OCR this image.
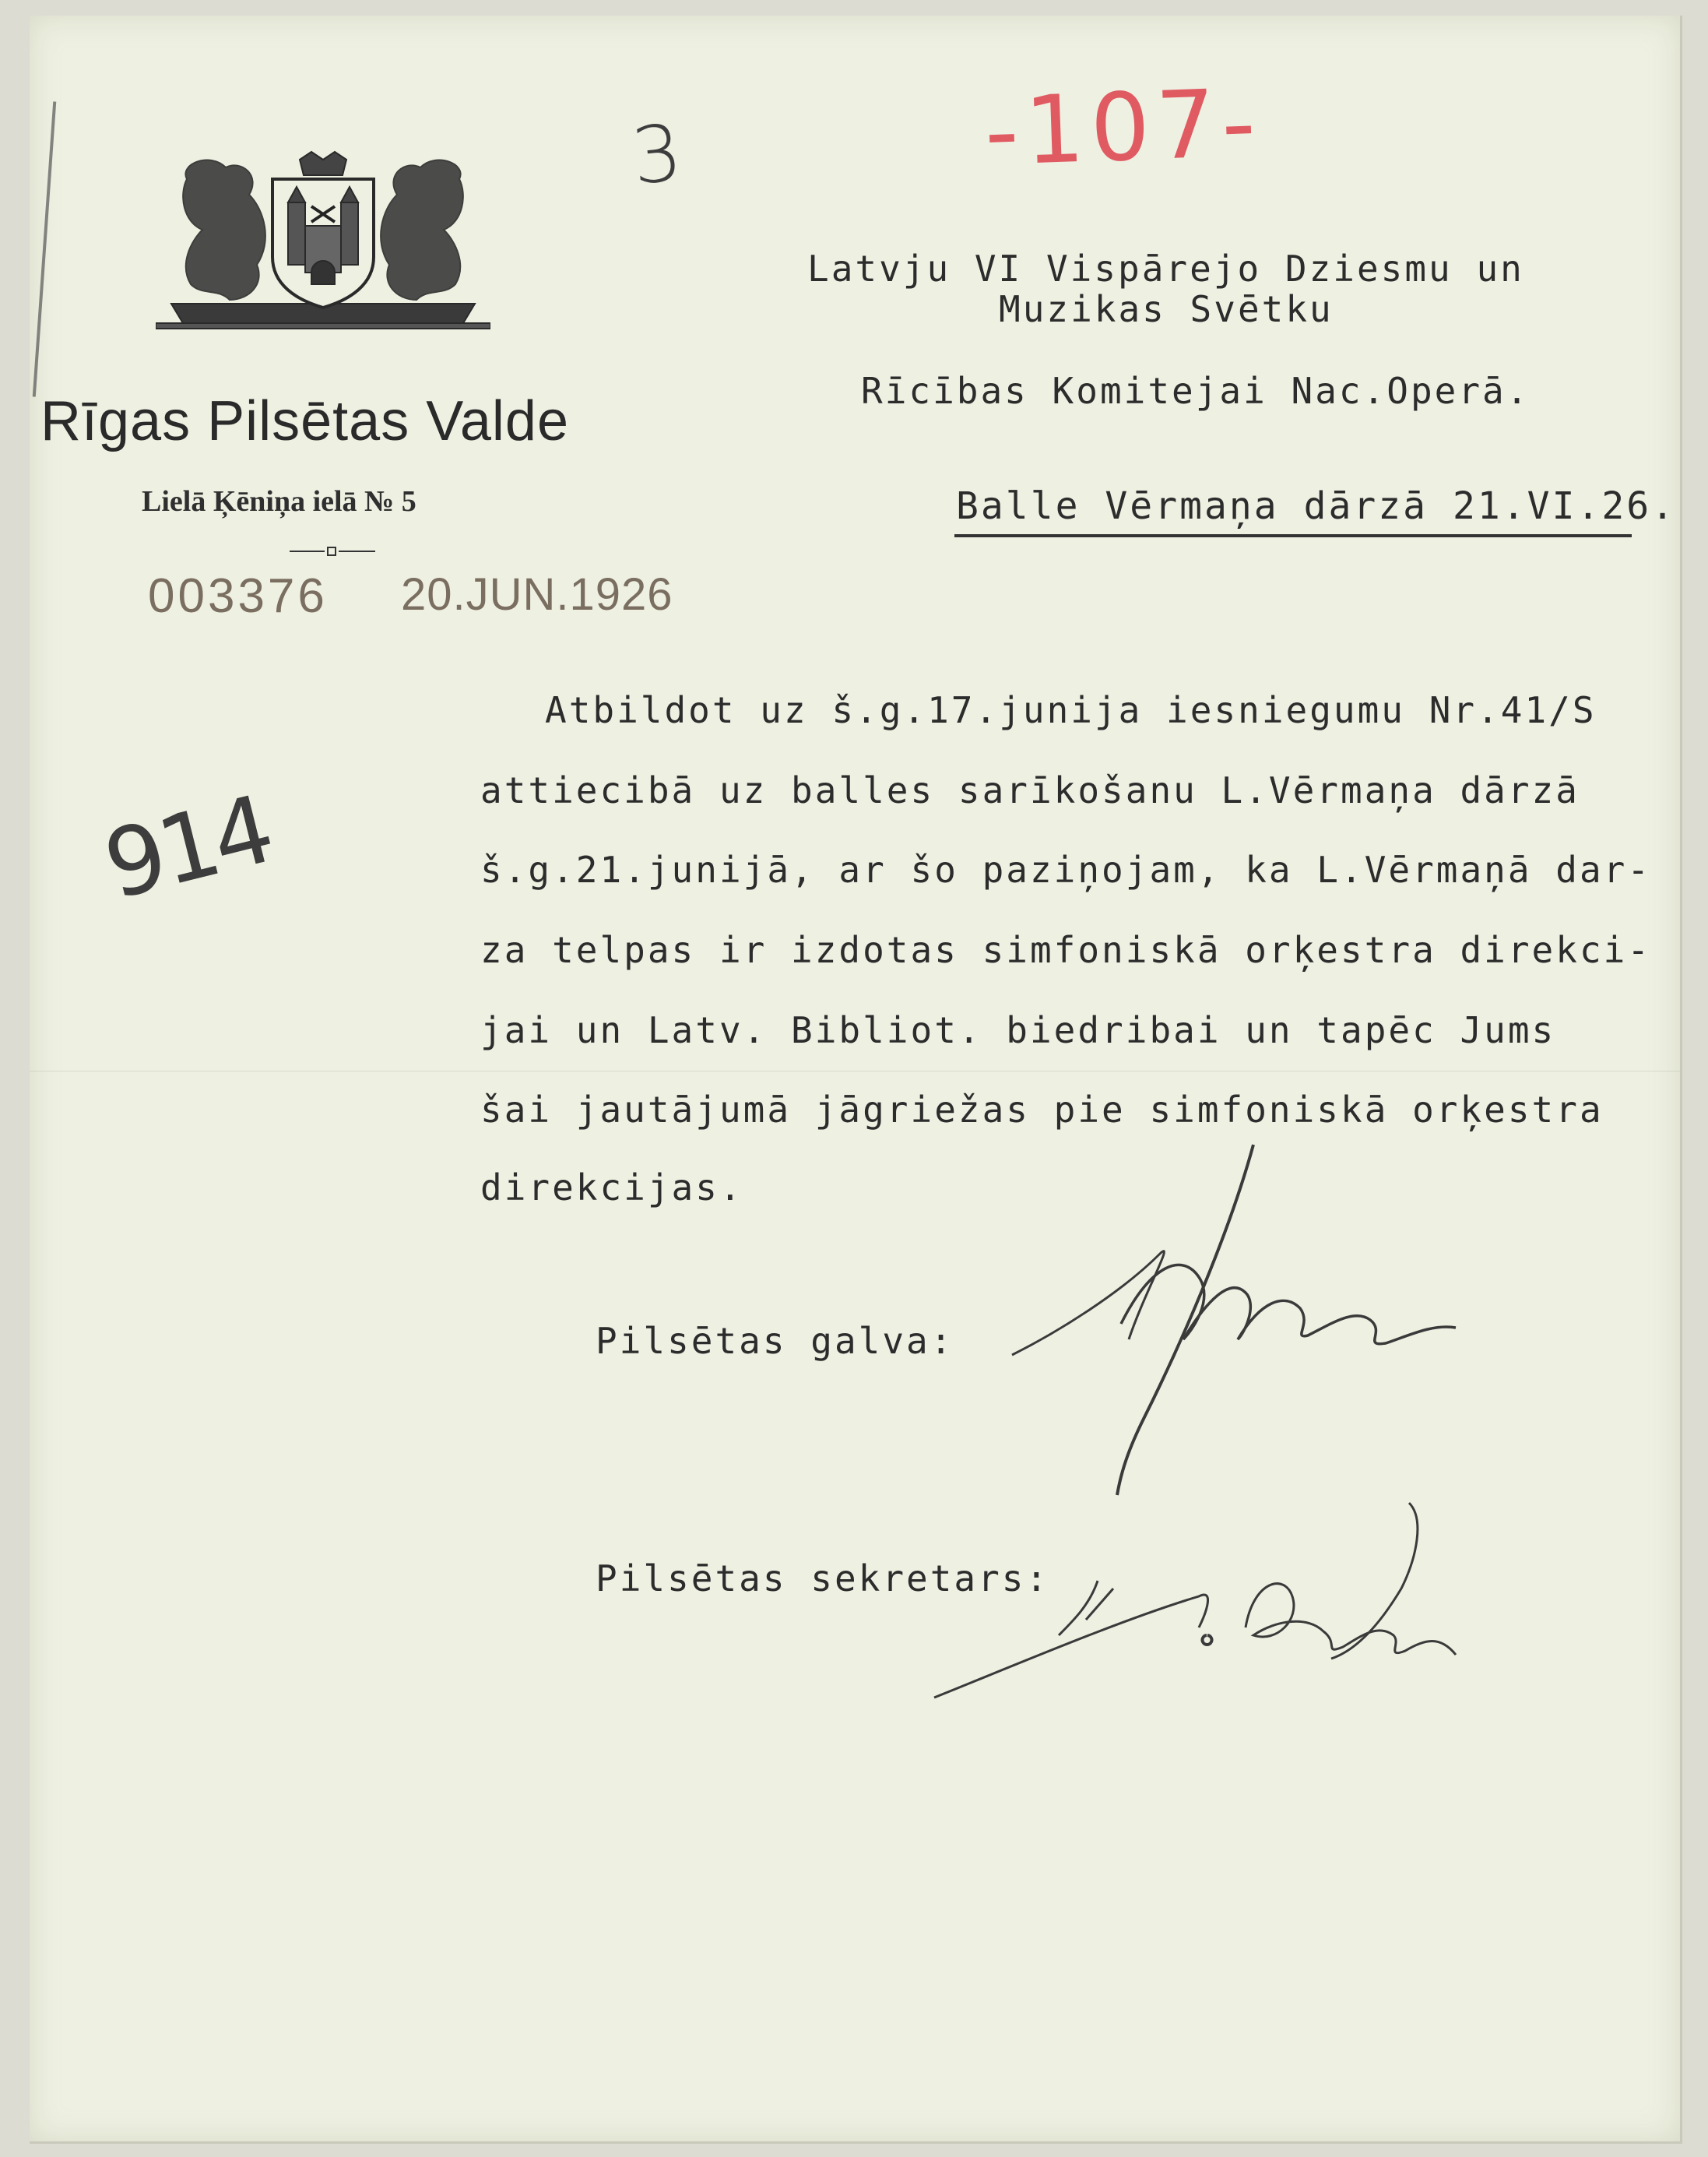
Rīgas Pilsētas Valde
Lielā Ķēniņa ielā № 5
003376 20.JUN.1926
3	-107-
914
Latvju VI Vispārejo Dziesmu un
Muzikas Svētku
Rīcības Komitejai Nac.Operā.
Balle Vērmaņa dārzā 21.VI.26.
Atbildot uz š.g.17.junija iesniegumu Nr.41/S
attiecibā uz balles sarīkošanu L.Vērmaņa dārzā
š.g.21.junijā, ar šo paziņojam, ka L.Vērmaņā dar-
za telpas ir izdotas simfoniskā orķestra direkci-
jai un Latv. Bibliot. biedribai un tapēc Jums
šai jautājumā jāgriežas pie simfoniskā orķestra
direkcijas.
Pilsētas galva:
Pilsētas sekretars:
